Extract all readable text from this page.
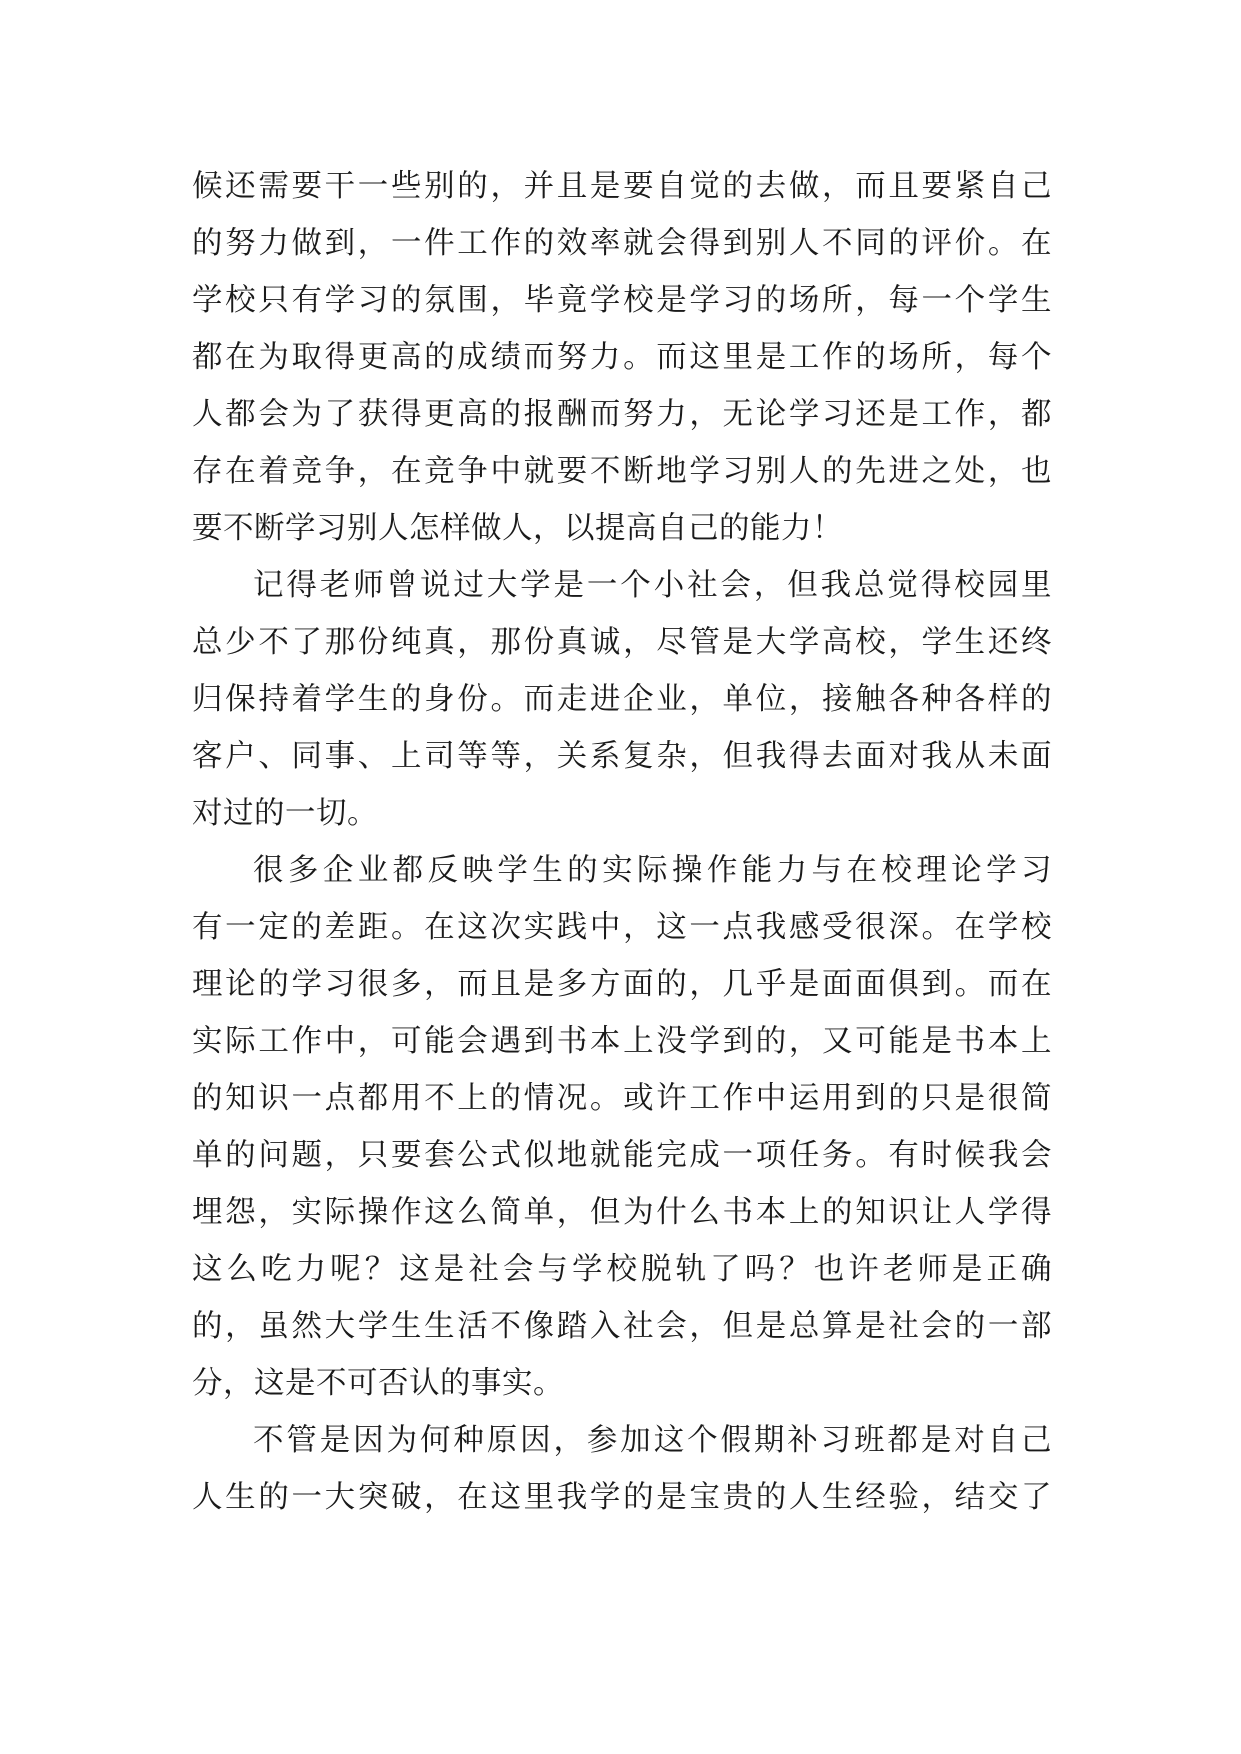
候还需要干一些别的，并且是要自觉的去做，而且要紧自己
的努力做到，一件工作的效率就会得到别人不同的评价。在
学校只有学习的氛围，毕竟学校是学习的场所，每一个学生
都在为取得更高的成绩而努力。而这里是工作的场所，每个
人都会为了获得更高的报酬而努力，无论学习还是工作，都
存在着竞争，在竞争中就要不断地学习别人的先进之处，也
要不断学习别人怎样做人，以提高自己的能力！
记得老师曾说过大学是一个小社会，但我总觉得校园里
总少不了那份纯真，那份真诚，尽管是大学高校，学生还终
归保持着学生的身份。而走进企业，单位，接触各种各样的
客户、同事、上司等等，关系复杂，但我得去面对我从未面
对过的一切。
很多企业都反映学生的实际操作能力与在校理论学习
有一定的差距。在这次实践中，这一点我感受很深。在学校
理论的学习很多，而且是多方面的，几乎是面面俱到。而在
实际工作中，可能会遇到书本上没学到的，又可能是书本上
的知识一点都用不上的情况。或许工作中运用到的只是很简
单的问题，只要套公式似地就能完成一项任务。有时候我会
埋怨，实际操作这么简单，但为什么书本上的知识让人学得
这么吃力呢？这是社会与学校脱轨了吗？也许老师是正确
的，虽然大学生生活不像踏入社会，但是总算是社会的一部
分，这是不可否认的事实。
不管是因为何种原因，参加这个假期补习班都是对自己
人生的一大突破，在这里我学的是宝贵的人生经验，结交了
